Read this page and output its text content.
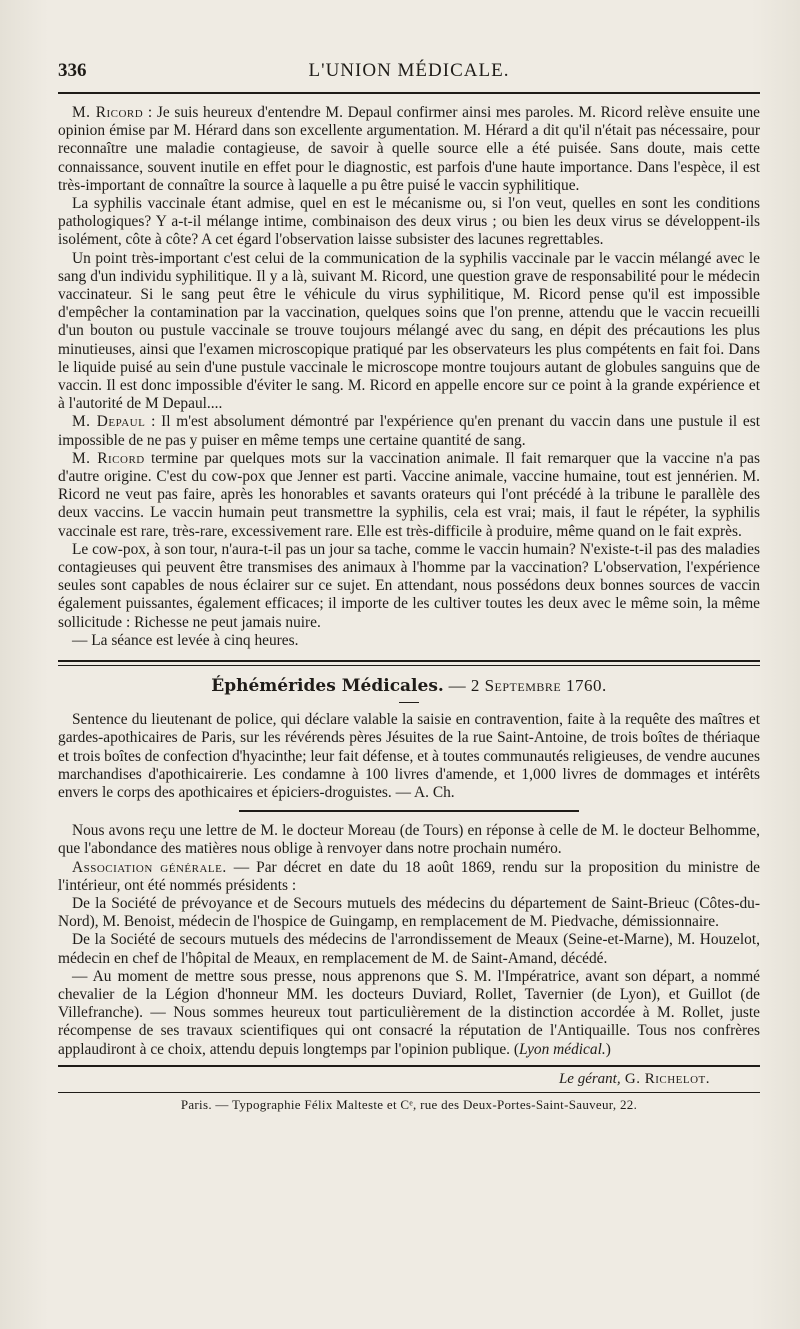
336	L'UNION MÉDICALE.

M. Ricord : Je suis heureux d'entendre M. Depaul confirmer ainsi mes paroles. M. Ricord relève ensuite une opinion émise par M. Hérard dans son excellente argumentation. M. Hérard a dit qu'il n'était pas nécessaire, pour reconnaître une maladie contagieuse, de savoir à quelle source elle a été puisée. Sans doute, mais cette connaissance, souvent inutile en effet pour le diagnostic, est parfois d'une haute importance. Dans l'espèce, il est très-important de connaître la source à laquelle a pu être puisé le vaccin syphilitique.

La syphilis vaccinale étant admise, quel en est le mécanisme ou, si l'on veut, quelles en sont les conditions pathologiques? Y a-t-il mélange intime, combinaison des deux virus ; ou bien les deux virus se développent-ils isolément, côte à côte? A cet égard l'observation laisse subsister des lacunes regrettables.

Un point très-important c'est celui de la communication de la syphilis vaccinale par le vaccin mélangé avec le sang d'un individu syphilitique. Il y a là, suivant M. Ricord, une question grave de responsabilité pour le médecin vaccinateur. Si le sang peut être le véhicule du virus syphilitique, M. Ricord pense qu'il est impossible d'empêcher la contamination par la vaccination, quelques soins que l'on prenne, attendu que le vaccin recueilli d'un bouton ou pustule vaccinale se trouve toujours mélangé avec du sang, en dépit des précautions les plus minutieuses, ainsi que l'examen microscopique pratiqué par les observateurs les plus compétents en fait foi. Dans le liquide puisé au sein d'une pustule vaccinale le microscope montre toujours autant de globules sanguins que de vaccin. Il est donc impossible d'éviter le sang. M. Ricord en appelle encore sur ce point à la grande expérience et à l'autorité de M Depaul....

M. Depaul : Il m'est absolument démontré par l'expérience qu'en prenant du vaccin dans une pustule il est impossible de ne pas y puiser en même temps une certaine quantité de sang.

M. Ricord termine par quelques mots sur la vaccination animale. Il fait remarquer que la vaccine n'a pas d'autre origine. C'est du cow-pox que Jenner est parti. Vaccine animale, vaccine humaine, tout est jennérien. M. Ricord ne veut pas faire, après les honorables et savants orateurs qui l'ont précédé à la tribune le parallèle des deux vaccins. Le vaccin humain peut transmettre la syphilis, cela est vrai; mais, il faut le répéter, la syphilis vaccinale est rare, très-rare, excessivement rare. Elle est très-difficile à produire, même quand on le fait exprès.

Le cow-pox, à son tour, n'aura-t-il pas un jour sa tache, comme le vaccin humain? N'existe-t-il pas des maladies contagieuses qui peuvent être transmises des animaux à l'homme par la vaccination? L'observation, l'expérience seules sont capables de nous éclairer sur ce sujet. En attendant, nous possédons deux bonnes sources de vaccin également puissantes, également efficaces; il importe de les cultiver toutes les deux avec le même soin, la même sollicitude : Richesse ne peut jamais nuire.

— La séance est levée à cinq heures.

Éphémérides Médicales. — 2 Septembre 1760.

Sentence du lieutenant de police, qui déclare valable la saisie en contravention, faite à la requête des maîtres et gardes-apothicaires de Paris, sur les révérends pères Jésuites de la rue Saint-Antoine, de trois boîtes de thériaque et trois boîtes de confection d'hyacinthe; leur fait défense, et à toutes communautés religieuses, de vendre aucunes marchandises d'apothicairerie. Les condamne à 100 livres d'amende, et 1,000 livres de dommages et intérêts envers le corps des apothicaires et épiciers-droguistes. — A. Ch.

Nous avons reçu une lettre de M. le docteur Moreau (de Tours) en réponse à celle de M. le docteur Belhomme, que l'abondance des matières nous oblige à renvoyer dans notre prochain numéro.

Association générale. — Par décret en date du 18 août 1869, rendu sur la proposition du ministre de l'intérieur, ont été nommés présidents :

De la Société de prévoyance et de Secours mutuels des médecins du département de Saint-Brieuc (Côtes-du-Nord), M. Benoist, médecin de l'hospice de Guingamp, en remplacement de M. Piedvache, démissionnaire.

De la Société de secours mutuels des médecins de l'arrondissement de Meaux (Seine-et-Marne), M. Houzelot, médecin en chef de l'hôpital de Meaux, en remplacement de M. de Saint-Amand, décédé.

— Au moment de mettre sous presse, nous apprenons que S. M. l'Impératrice, avant son départ, a nommé chevalier de la Légion d'honneur MM. les docteurs Duviard, Rollet, Tavernier (de Lyon), et Guillot (de Villefranche). — Nous sommes heureux tout particulièrement de la distinction accordée à M. Rollet, juste récompense de ses travaux scientifiques qui ont consacré la réputation de l'Antiquaille. Tous nos confrères applaudiront à ce choix, attendu depuis longtemps par l'opinion publique. (Lyon médical.)

Le gérant, G. Richelot.
Paris. — Typographie Félix Malteste et Cᵉ, rue des Deux-Portes-Saint-Sauveur, 22.
